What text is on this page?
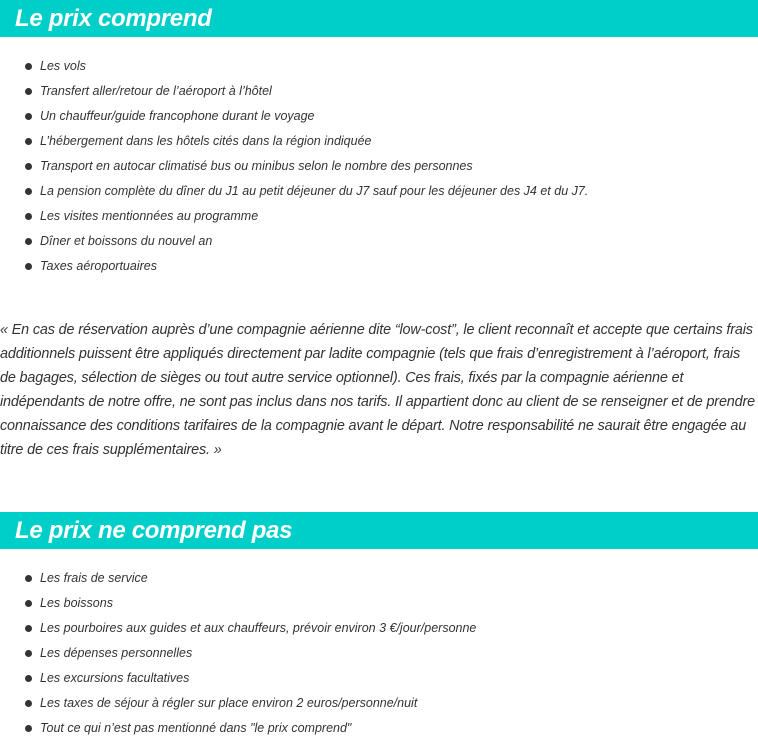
Le prix comprend
Les vols
Transfert aller/retour de l’aéroport à l’hôtel
Un chauffeur/guide francophone durant le voyage
L’hébergement dans les hôtels cités dans la région indiquée
Transport en autocar climatisé bus ou minibus selon le nombre des personnes
La pension complète du dîner du J1 au petit déjeuner du J7 sauf pour les déjeuner des J4 et du J7.
Les visites mentionnées au programme
Dîner et boissons du nouvel an
Taxes aéroportuaires

« En cas de réservation auprès d’une compagnie aérienne dite “low-cost”, le client reconnaît et accepte que certains frais additionnels puissent être appliqués directement par ladite compagnie (tels que frais d’enregistrement à l’aéroport, frais de bagages, sélection de sièges ou tout autre service optionnel). Ces frais, fixés par la compagnie aérienne et indépendants de notre offre, ne sont pas inclus dans nos tarifs. Il appartient donc au client de se renseigner et de prendre connaissance des conditions tarifaires de la compagnie avant le départ. Notre responsabilité ne saurait être engagée au titre de ces frais supplémentaires. »

Le prix ne comprend pas
Les frais de service
Les boissons
Les pourboires aux guides et aux chauffeurs, prévoir environ 3 €/jour/personne
Les dépenses personnelles
Les excursions facultatives
Les taxes de séjour à régler sur place environ 2 euros/personne/nuit
Tout ce qui n’est pas mentionné dans "le prix comprend"
